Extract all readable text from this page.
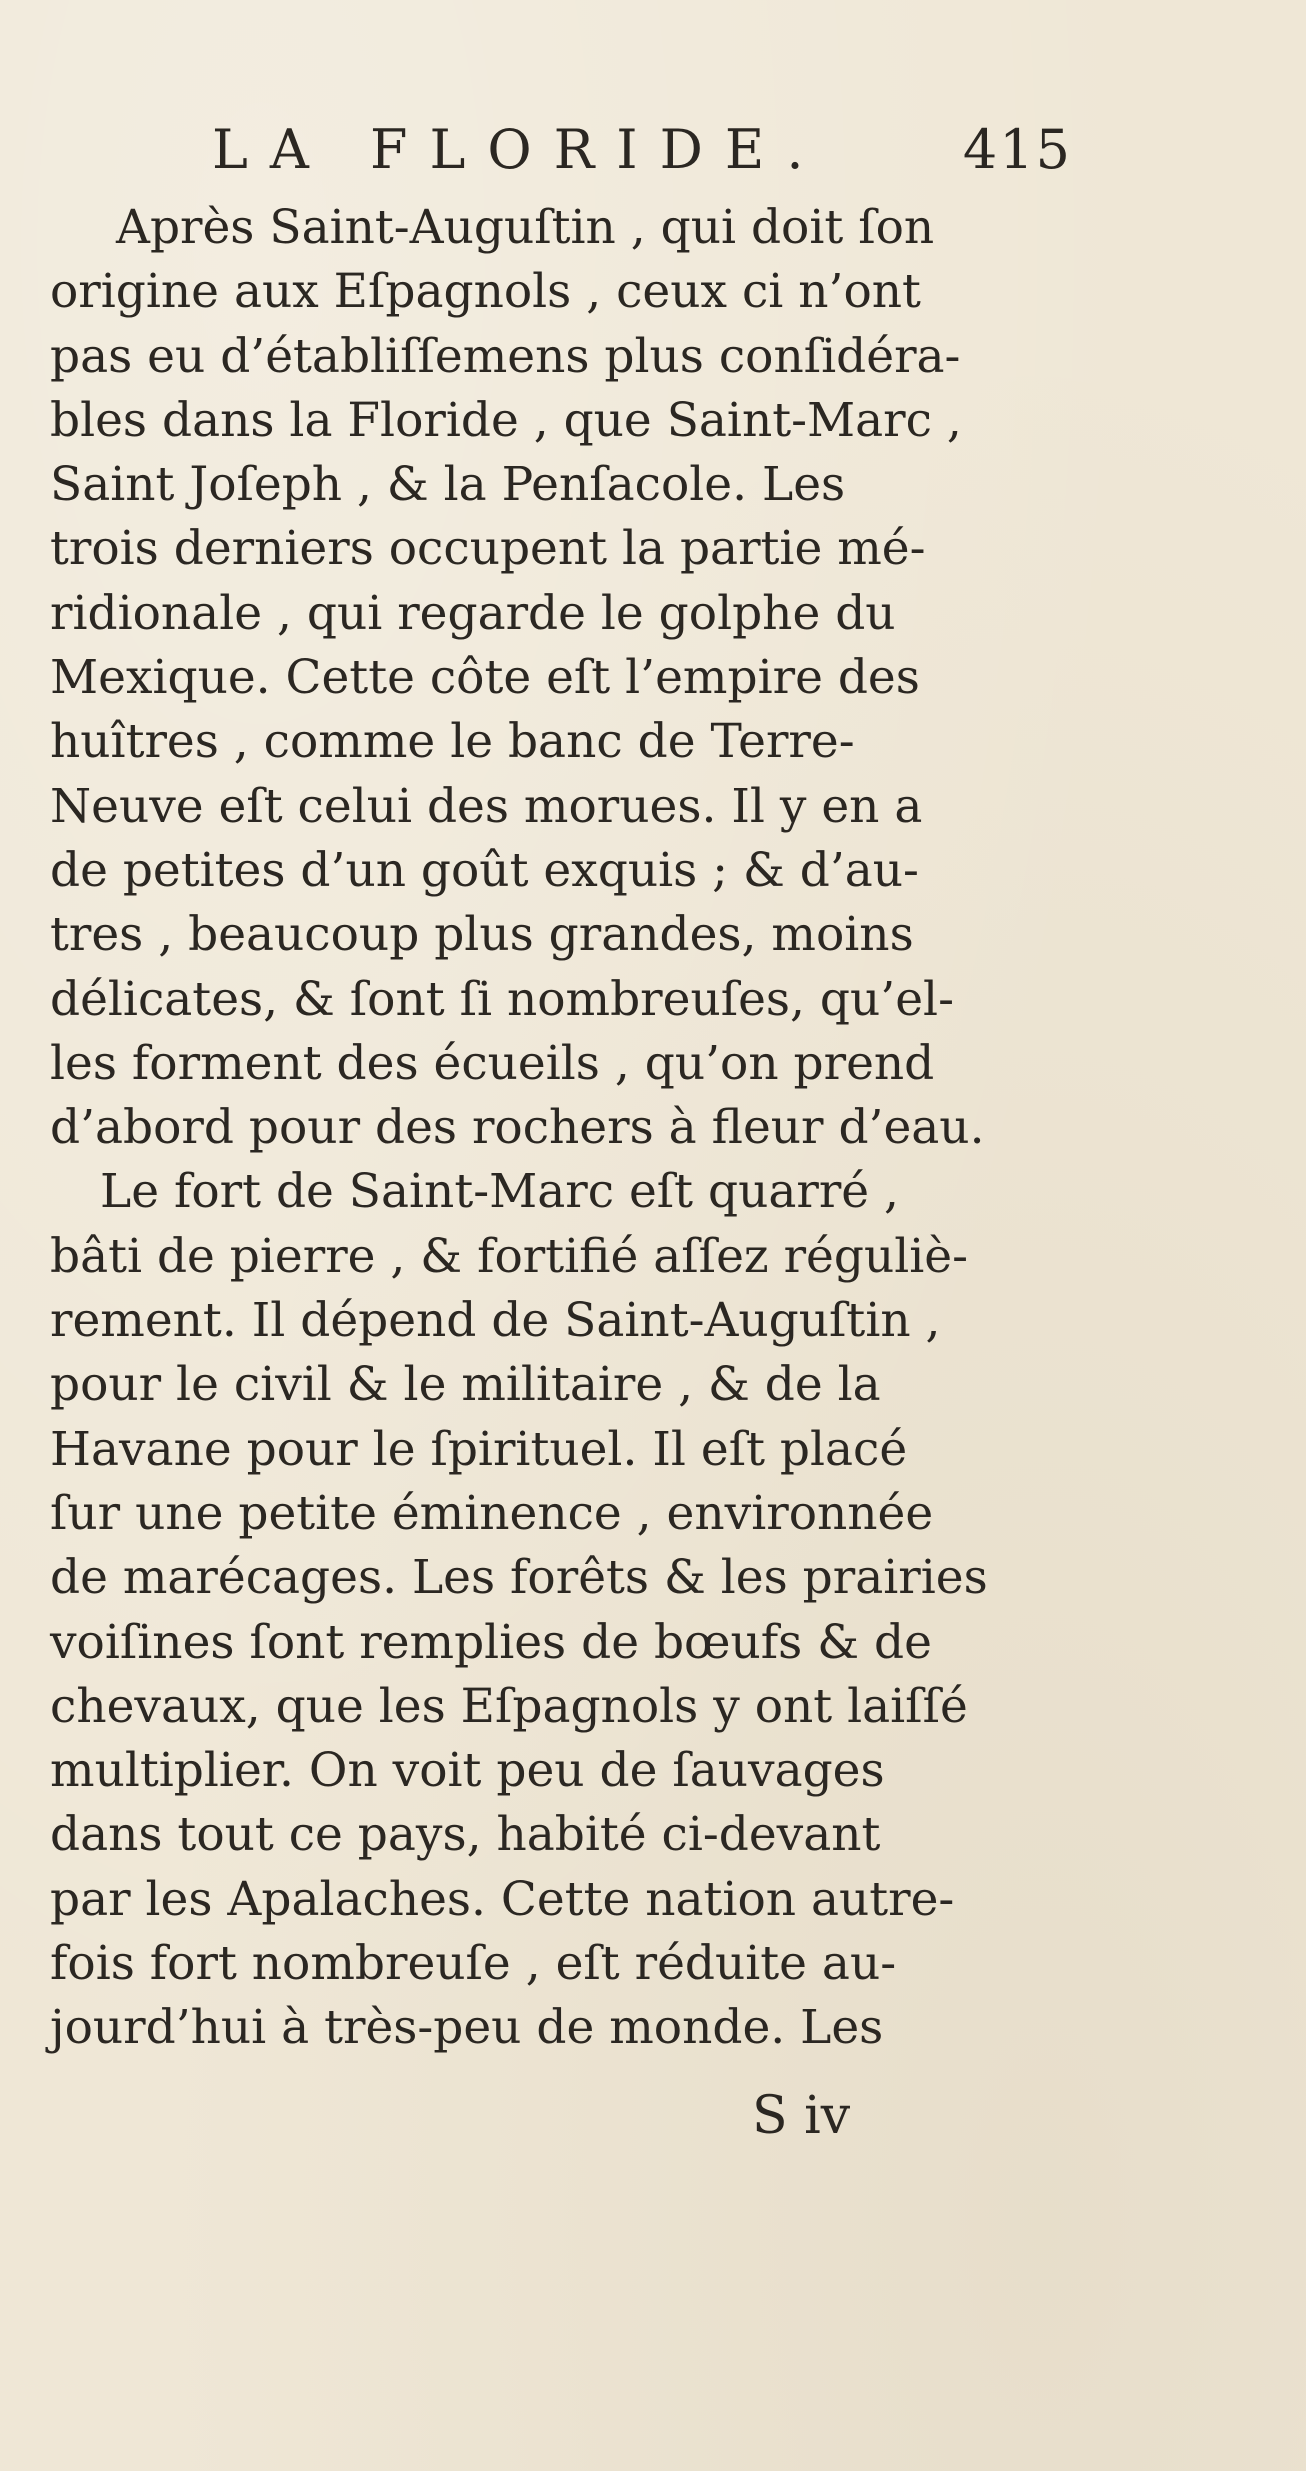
LA FLORIDE.	415
Après Saint-Auguſtin , qui doit ſon
origine aux Eſpagnols , ceux ci n’ont
pas eu d’établiſſemens plus conſidéra-
bles dans la Floride , que Saint-Marc ,
Saint Joſeph , & la Penſacole. Les
trois derniers occupent la partie mé-
ridionale , qui regarde le golphe du
Mexique. Cette côte eſt l’empire des
huîtres , comme le banc de Terre-
Neuve eſt celui des morues. Il y en a
de petites d’un goût exquis ; & d’au-
tres , beaucoup plus grandes, moins
délicates, & ſont ſi nombreuſes, qu’el-
les forment des écueils , qu’on prend
d’abord pour des rochers à fleur d’eau.
Le fort de Saint-Marc eſt quarré ,
bâti de pierre , & fortifié aſſez réguliè-
rement. Il dépend de Saint-Auguſtin ,
pour le civil & le militaire , & de la
Havane pour le ſpirituel. Il eſt placé
ſur une petite éminence , environnée
de marécages. Les forêts & les prairies
voiſines ſont remplies de bœufs & de
chevaux, que les Eſpagnols y ont laiſſé
multiplier. On voit peu de ſauvages
dans tout ce pays, habité ci-devant
par les Apalaches. Cette nation autre-
fois fort nombreuſe , eſt réduite au-
jourd’hui à très-peu de monde. Les
S iv
